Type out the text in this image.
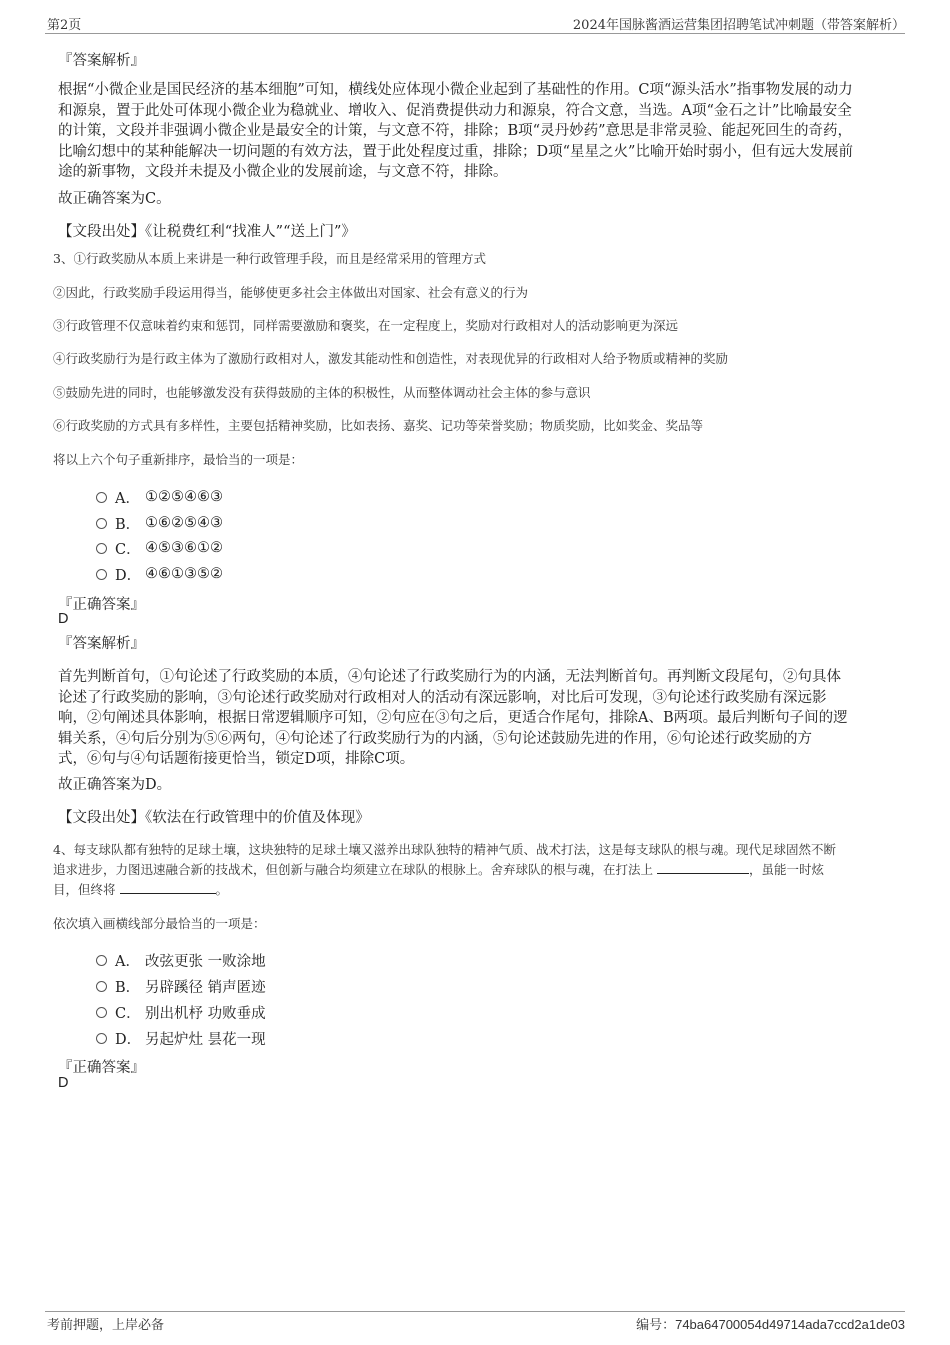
第2页	2024年国脉酱酒运营集团招聘笔试冲刺题（带答案解析）
『答案解析』
根据“小微企业是国民经济的基本细胞”可知，横线处应体现小微企业起到了基础性的作用。C项“源头活水”指事物发展的动力
和源泉，置于此处可体现小微企业为稳就业、增收入、促消费提供动力和源泉，符合文意，当选。A项“金石之计”比喻最安全
的计策，文段并非强调小微企业是最安全的计策，与文意不符，排除；B项“灵丹妙药”意思是非常灵验、能起死回生的奇药，
比喻幻想中的某种能解决一切问题的有效方法，置于此处程度过重，排除；D项“星星之火”比喻开始时弱小，但有远大发展前
途的新事物，文段并未提及小微企业的发展前途，与文意不符，排除。
故正确答案为C。
【文段出处】《让税费红利“找准人”“送上门”》
3、①行政奖励从本质上来讲是一种行政管理手段，而且是经常采用的管理方式
②因此，行政奖励手段运用得当，能够使更多社会主体做出对国家、社会有意义的行为
③行政管理不仅意味着约束和惩罚，同样需要激励和褒奖，在一定程度上，奖励对行政相对人的活动影响更为深远
④行政奖励行为是行政主体为了激励行政相对人，激发其能动性和创造性，对表现优异的行政相对人给予物质或精神的奖励
⑤鼓励先进的同时，也能够激发没有获得鼓励的主体的积极性，从而整体调动社会主体的参与意识
⑥行政奖励的方式具有多样性，主要包括精神奖励，比如表扬、嘉奖、记功等荣誉奖励；物质奖励，比如奖金、奖品等
将以上六个句子重新排序，最恰当的一项是：
A． ①②⑤④⑥③
B． ①⑥②⑤④③
C． ④⑤③⑥①②
D． ④⑥①③⑤②
『正确答案』
D
『答案解析』
首先判断首句，①句论述了行政奖励的本质，④句论述了行政奖励行为的内涵，无法判断首句。再判断文段尾句，②句具体
论述了行政奖励的影响，③句论述行政奖励对行政相对人的活动有深远影响，对比后可发现，③句论述行政奖励有深远影
响，②句阐述具体影响，根据日常逻辑顺序可知，②句应在③句之后，更适合作尾句，排除A、B两项。最后判断句子间的逻
辑关系，④句后分别为⑤⑥两句，④句论述了行政奖励行为的内涵，⑤句论述鼓励先进的作用，⑥句论述行政奖励的方
式，⑥句与④句话题衔接更恰当，锁定D项，排除C项。
故正确答案为D。
【文段出处】《软法在行政管理中的价值及体现》
4、每支球队都有独特的足球土壤，这块独特的足球土壤又滋养出球队独特的精神气质、战术打法，这是每支球队的根与魂。现代足球固然不断
追求进步，力图迅速融合新的技战术，但创新与融合均须建立在球队的根脉上。舍弃球队的根与魂，在打法上	，虽能一时炫
目，但终将	。
依次填入画横线部分最恰当的一项是：
A． 改弦更张 一败涂地
B． 另辟蹊径 销声匿迹
C． 别出机杼 功败垂成
D． 另起炉灶 昙花一现
『正确答案』
D
考前押题，上岸必备	编号：74ba64700054d49714ada7ccd2a1de03
